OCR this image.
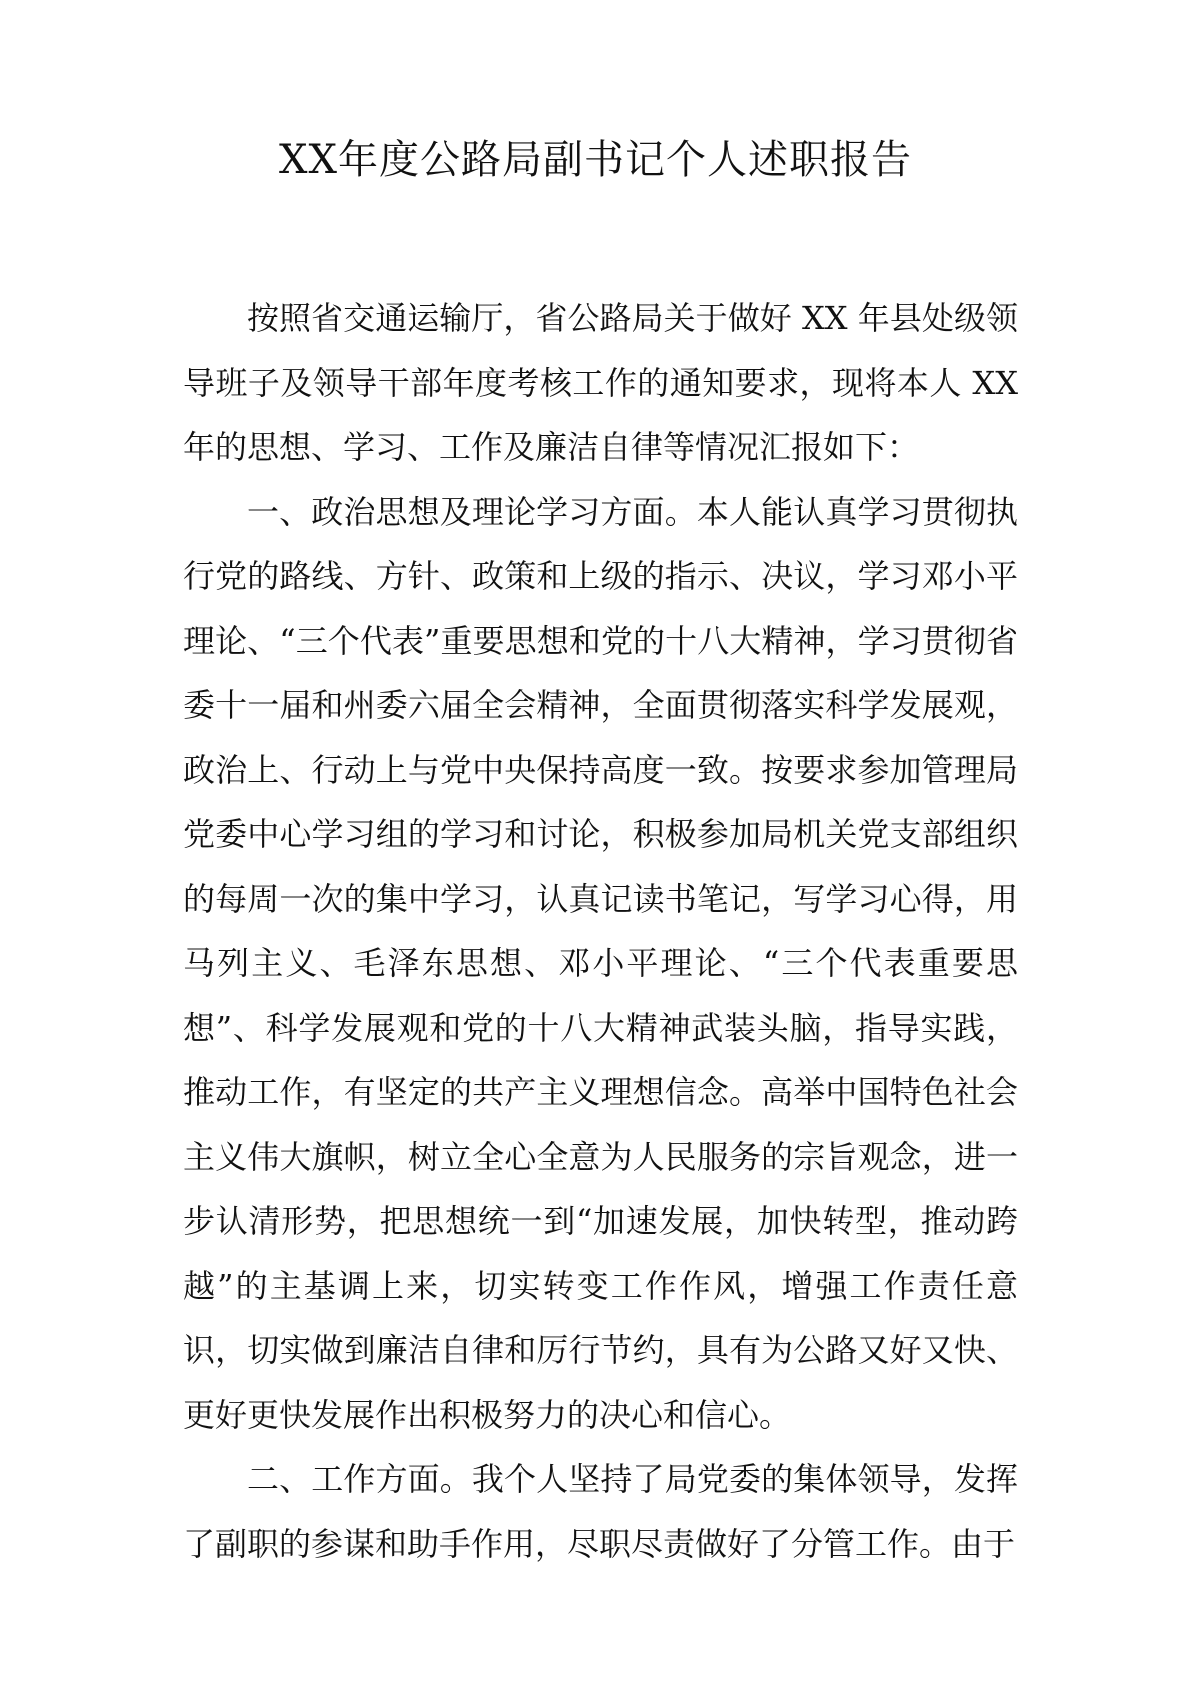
XX年度公路局副书记个人述职报告

按照省交通运输厅，省公路局关于做好 XX 年县处级领导班子及领导干部年度考核工作的通知要求，现将本人 XX 年的思想、学习、工作及廉洁自律等情况汇报如下：

一、政治思想及理论学习方面。本人能认真学习贯彻执行党的路线、方针、政策和上级的指示、决议，学习邓小平理论、“三个代表”重要思想和党的十八大精神，学习贯彻省委十一届和州委六届全会精神，全面贯彻落实科学发展观，政治上、行动上与党中央保持高度一致。按要求参加管理局党委中心学习组的学习和讨论，积极参加局机关党支部组织的每周一次的集中学习，认真记读书笔记，写学习心得，用马列主义、毛泽东思想、邓小平理论、“三个代表重要思想”、科学发展观和党的十八大精神武装头脑，指导实践，推动工作，有坚定的共产主义理想信念。高举中国特色社会主义伟大旗帜，树立全心全意为人民服务的宗旨观念，进一步认清形势，把思想统一到“加速发展，加快转型，推动跨越”的主基调上来，切实转变工作作风，增强工作责任意识，切实做到廉洁自律和厉行节约，具有为公路又好又快、更好更快发展作出积极努力的决心和信心。

二、工作方面。我个人坚持了局党委的集体领导，发挥了副职的参谋和助手作用，尽职尽责做好了分管工作。由于
